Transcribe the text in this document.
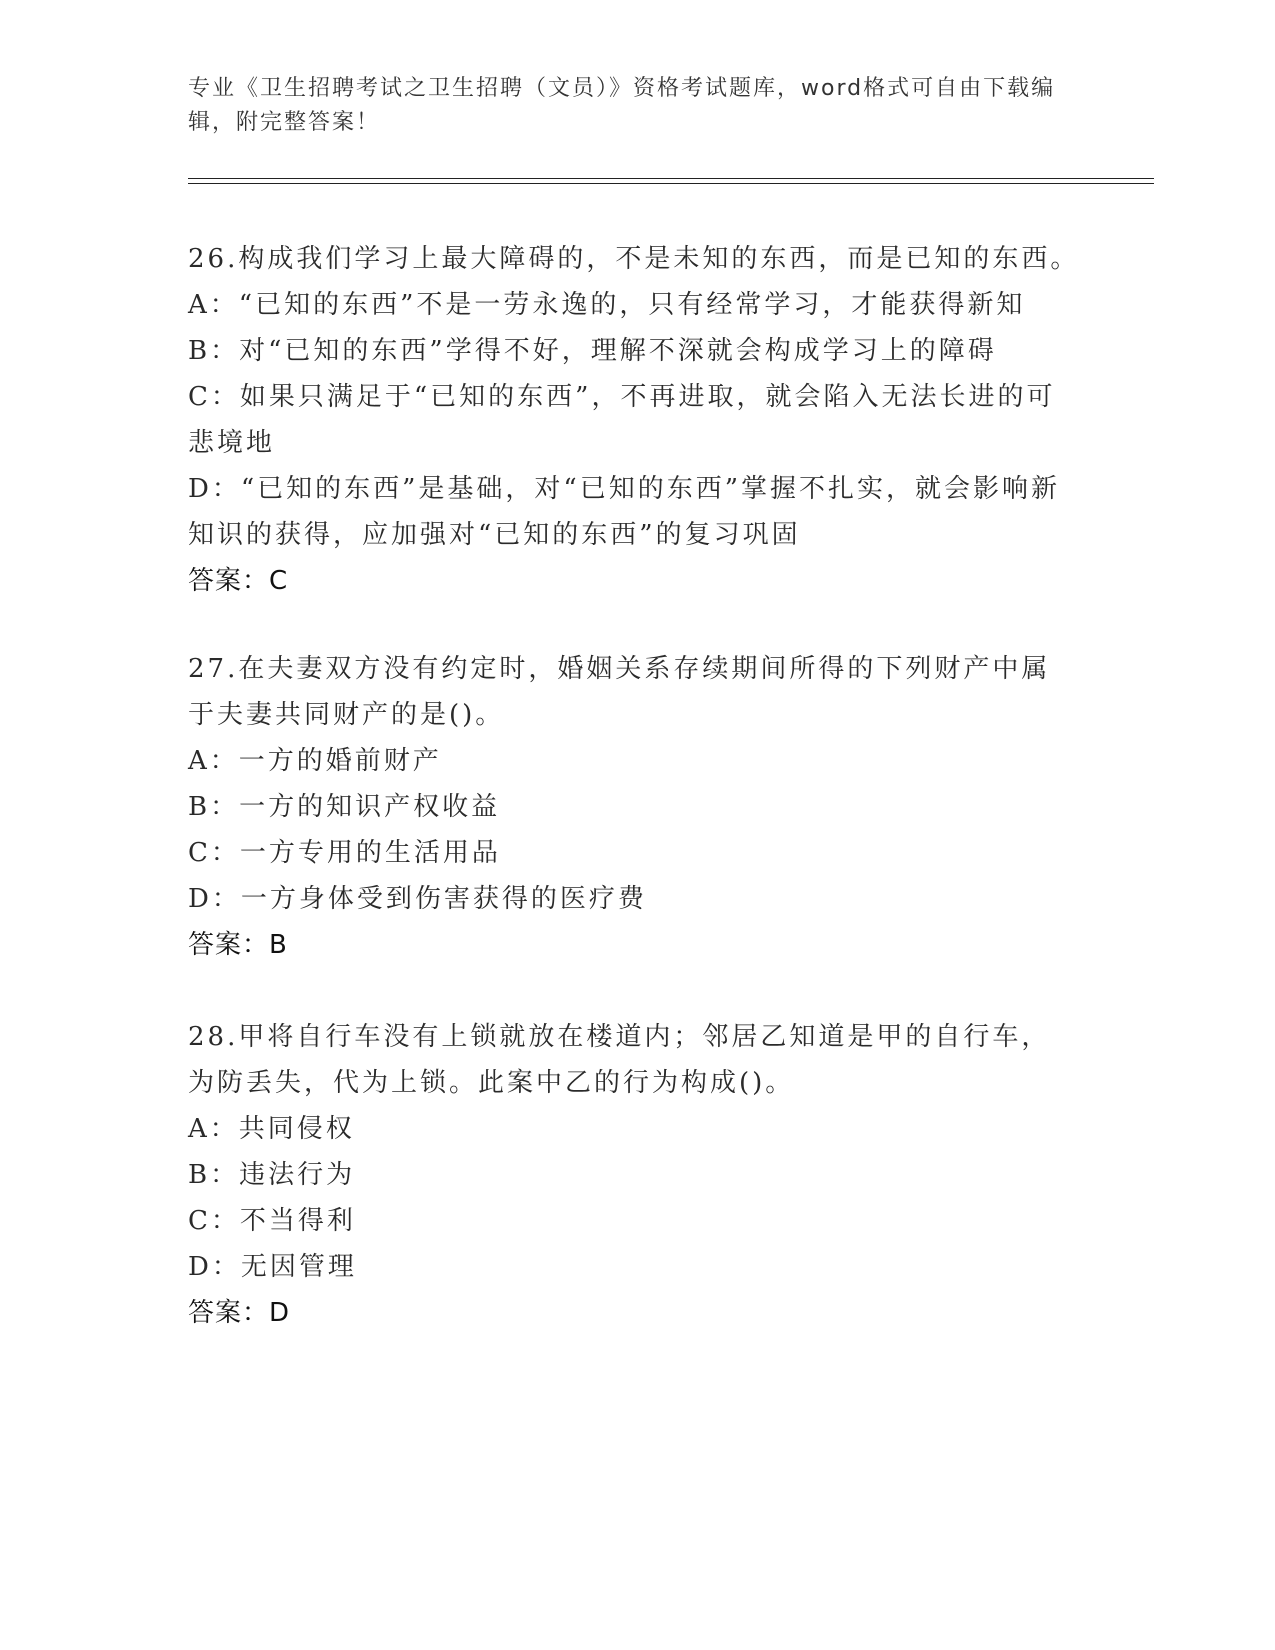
专业《卫生招聘考试之卫生招聘（文员）》资格考试题库，word格式可自由下载编辑，附完整答案！
26.构成我们学习上最大障碍的，不是未知的东西，而是已知的东西。
A：“已知的东西”不是一劳永逸的，只有经常学习，才能获得新知
B：对“已知的东西”学得不好，理解不深就会构成学习上的障碍
C：如果只满足于“已知的东西”，不再进取，就会陷入无法长进的可悲境地
D：“已知的东西”是基础，对“已知的东西”掌握不扎实，就会影响新知识的获得，应加强对“已知的东西”的复习巩固
答案：C
27.在夫妻双方没有约定时，婚姻关系存续期间所得的下列财产中属于夫妻共同财产的是()。
A：一方的婚前财产
B：一方的知识产权收益
C：一方专用的生活用品
D：一方身体受到伤害获得的医疗费
答案：B
28.甲将自行车没有上锁就放在楼道内；邻居乙知道是甲的自行车，为防丢失，代为上锁。此案中乙的行为构成()。
A：共同侵权
B：违法行为
C：不当得利
D：无因管理
答案：D
